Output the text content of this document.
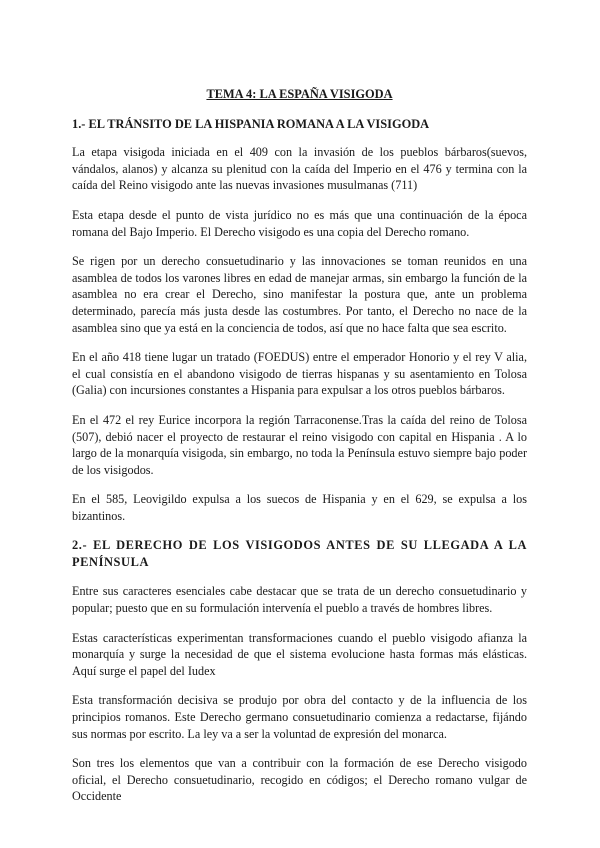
TEMA 4: LA ESPAÑA VISIGODA
1.- EL TRÁNSITO DE LA HISPANIA ROMANA A LA VISIGODA

La etapa visigoda iniciada en el 409 con la invasión de los pueblos bárbaros(suevos, vándalos, alanos) y alcanza su plenitud con la caída del Imperio en el 476 y termina con la caída del Reino visigodo ante las nuevas invasiones musulmanas (711)

Esta etapa desde el punto de vista jurídico no es más que una continuación de la época romana del Bajo Imperio. El Derecho visigodo es una copia del Derecho romano.

Se rigen por un derecho consuetudinario y las innovaciones se toman reunidos en una asamblea de todos los varones libres en edad de manejar armas, sin embargo la función de la asamblea no era crear el Derecho, sino manifestar la postura que, ante un problema determinado, parecía más justa desde las costumbres. Por tanto, el Derecho no nace de la asamblea sino que ya está en la conciencia de todos, así que no hace falta que sea escrito.

En el año 418 tiene lugar un tratado (FOEDUS) entre el emperador Honorio y el rey V alia, el cual consistía en el abandono visigodo de tierras hispanas y su asentamiento en Tolosa (Galia) con incursiones constantes a Hispania para expulsar a los otros pueblos bárbaros.

En el 472 el rey Eurice incorpora la región Tarraconense.Tras la caída del reino de Tolosa (507), debió nacer el proyecto de restaurar el reino visigodo con capital en Hispania . A lo largo de la monarquía visigoda, sin embargo, no toda la Península estuvo siempre bajo poder de los visigodos.

En el 585, Leovigildo expulsa a los suecos de Hispania y en el 629, se expulsa a los bizantinos.

2.- EL DERECHO DE LOS VISIGODOS ANTES DE SU LLEGADA A LA PENÍNSULA

Entre sus caracteres esenciales cabe destacar que se trata de un derecho consuetudinario y popular; puesto que en su formulación intervenía el pueblo a través de hombres libres.

Estas características experimentan transformaciones cuando el pueblo visigodo afianza la monarquía y surge la necesidad de que el sistema evolucione hasta formas más elásticas. Aquí surge el papel del Iudex

Esta transformación decisiva se produjo por obra del contacto y de la influencia de los principios romanos. Este Derecho germano consuetudinario comienza a redactarse, fijándo sus normas por escrito. La ley va a ser la voluntad de expresión del monarca.

Son tres los elementos que van a contribuir con la formación de ese Derecho visigodo oficial, el Derecho consuetudinario, recogido en códigos; el Derecho romano vulgar de Occidente
